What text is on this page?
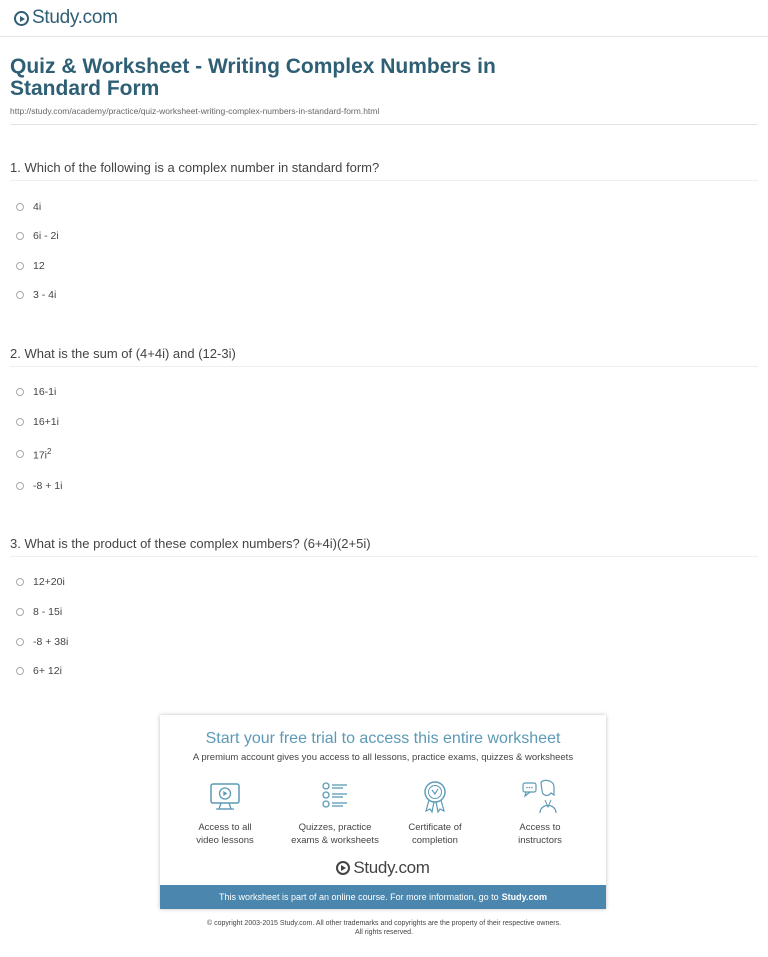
Study.com
Quiz & Worksheet - Writing Complex Numbers in Standard Form
http://study.com/academy/practice/quiz-worksheet-writing-complex-numbers-in-standard-form.html
1. Which of the following is a complex number in standard form?
4i
6i - 2i
12
3 - 4i
2. What is the sum of (4+4i) and (12-3i)
16-1i
16+1i
$17i^2$
-8 + 1i
3. What is the product of these complex numbers? (6+4i)(2+5i)
12+20i
8 - 15i
-8 + 38i
6+ 12i
Start your free trial to access this entire worksheet
A premium account gives you access to all lessons, practice exams, quizzes & worksheets
Access to all
video lessons
Quizzes, practice
exams & worksheets
Certificate of
completion
Access to
instructors
Study.com
This worksheet is part of an online course. For more information, go to Study.com
© copyright 2003-2015 Study.com. All other trademarks and copyrights are the property of their respective owners.
All rights reserved.
